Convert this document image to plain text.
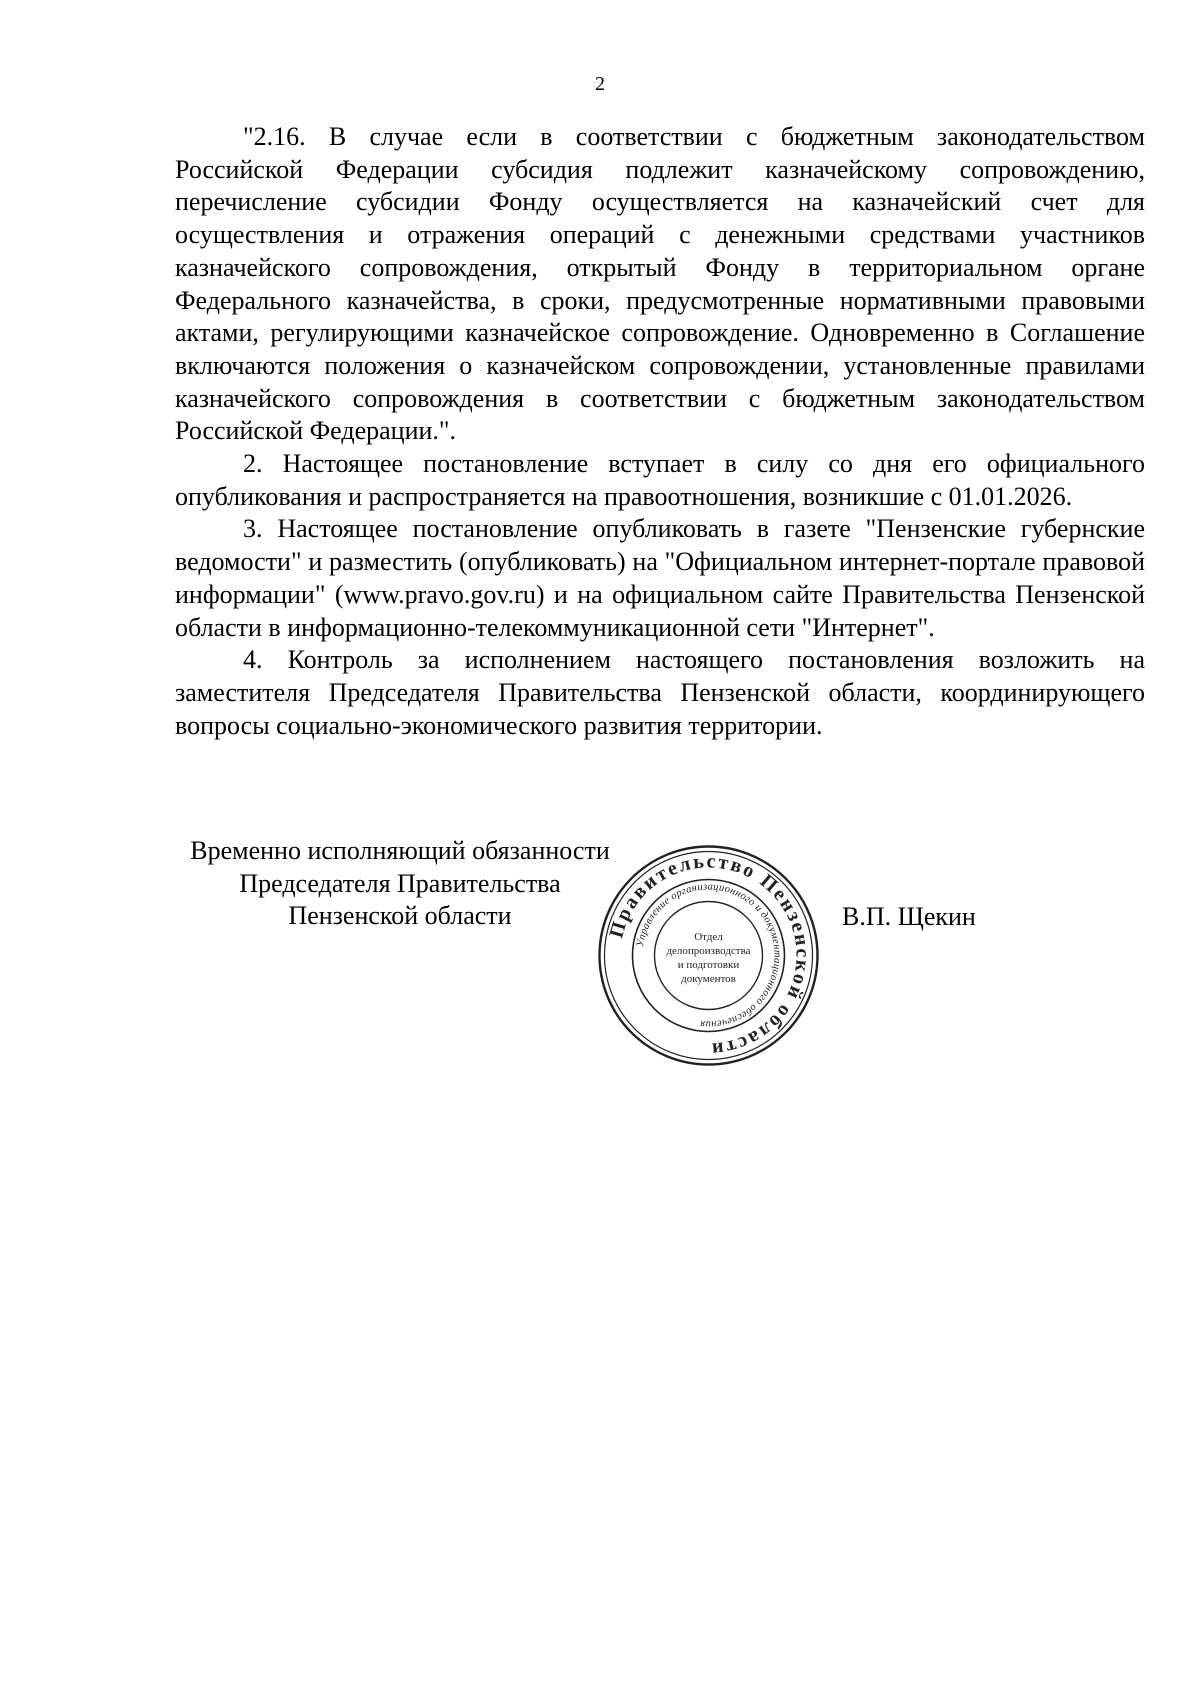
2

"2.16. В случае если в соответствии с бюджетным законодательством Российской Федерации субсидия подлежит казначейскому сопровождению, перечисление субсидии Фонду осуществляется на казначейский счет для осуществления и отражения операций с денежными средствами участников казначейского сопровождения, открытый Фонду в территориальном органе Федерального казначейства, в сроки, предусмотренные нормативными правовыми актами, регулирующими казначейское сопровождение. Одновременно в Соглашение включаются положения о казначейском сопровождении, установленные правилами казначейского сопровождения в соответствии с бюджетным законодательством Российской Федерации.".

2. Настоящее постановление вступает в силу со дня его официального опубликования и распространяется на правоотношения, возникшие с 01.01.2026.

3. Настоящее постановление опубликовать в газете "Пензенские губернские ведомости" и разместить (опубликовать) на "Официальном интернет-портале правовой информации" (www.pravo.gov.ru) и на официальном сайте Правительства Пензенской области в информационно-телекоммуникационной сети "Интернет".

4. Контроль за исполнением настоящего постановления возложить на заместителя Председателя Правительства Пензенской области, координирующего вопросы социально-экономического развития территории.

Временно исполняющий обязанности
Председателя Правительства
Пензенской области	В.П. Щекин
Правительство Пензенской области
Управление организационного и документационного обеспечения
Отдел
делопроизводства
и подготовки
документов
